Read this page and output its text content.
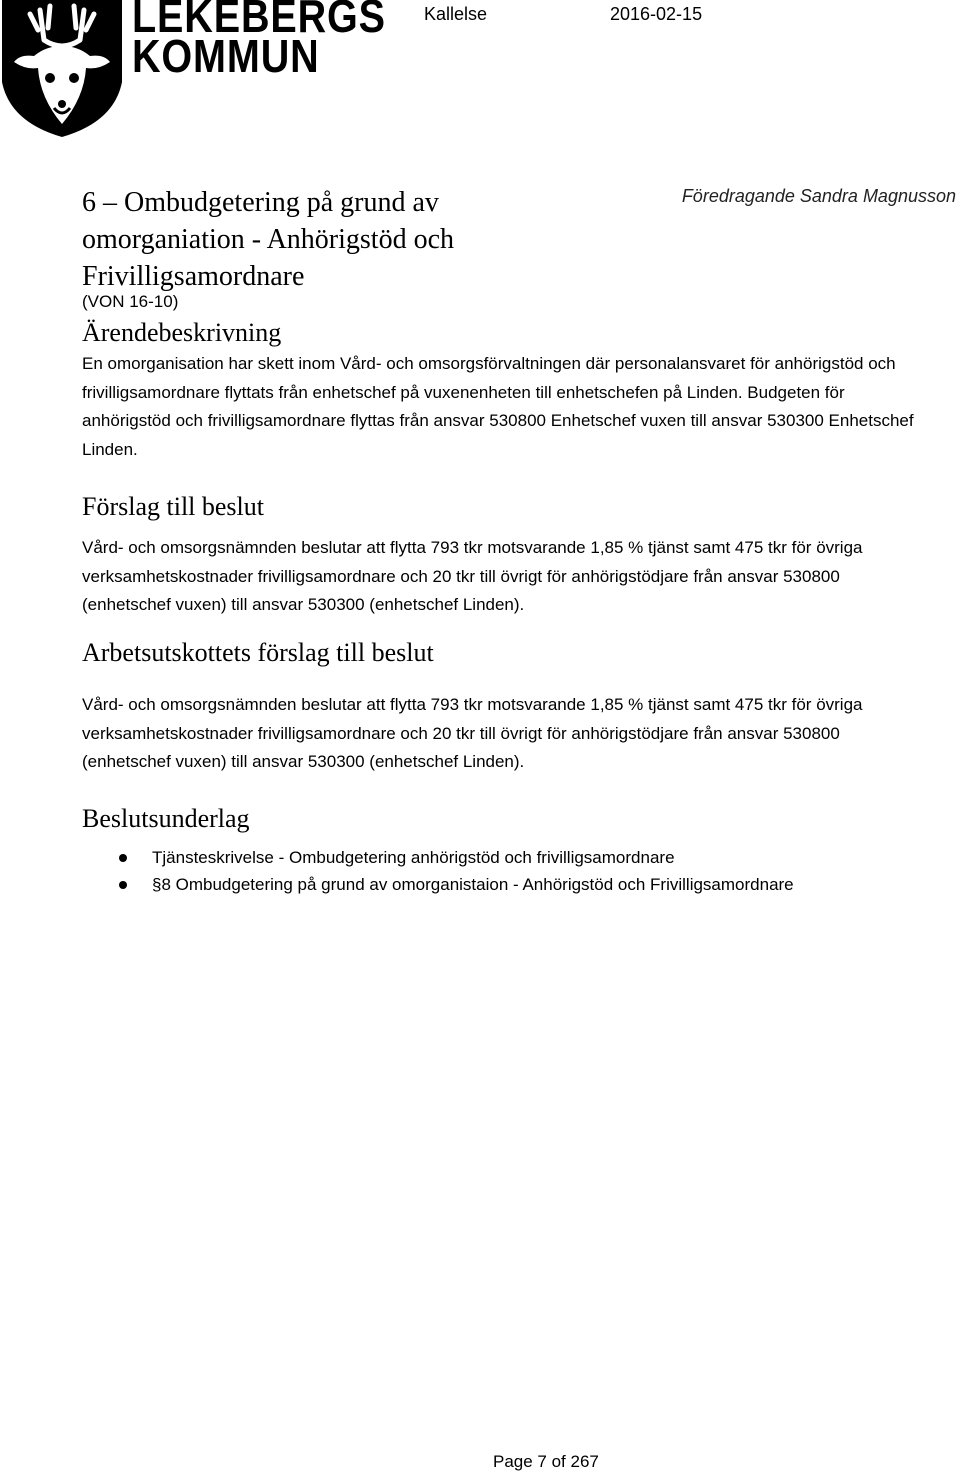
LEKEBERGS
KOMMUN
Kallelse	2016-02-15
6 – Ombudgetering på grund av omorganiation - Anhörigstöd och Frivilligsamordnare
Föredragande Sandra Magnusson
(VON 16-10)
Ärendebeskrivning

En omorganisation har skett inom Vård- och omsorgsförvaltningen där personalansvaret för anhörigstöd och frivilligsamordnare flyttats från enhetschef på vuxenenheten till enhetschefen på Linden. Budgeten för anhörigstöd och frivilligsamordnare flyttas från ansvar 530800 Enhetschef vuxen till ansvar 530300 Enhetschef Linden.

Förslag till beslut

Vård- och omsorgsnämnden beslutar att flytta 793 tkr motsvarande 1,85 % tjänst samt 475 tkr för övriga verksamhetskostnader frivilligsamordnare och 20 tkr till övrigt för anhörigstödjare från ansvar 530800 (enhetschef vuxen) till ansvar 530300 (enhetschef Linden).

Arbetsutskottets förslag till beslut

Vård- och omsorgsnämnden beslutar att flytta 793 tkr motsvarande 1,85 % tjänst samt 475 tkr för övriga verksamhetskostnader frivilligsamordnare och 20 tkr till övrigt för anhörigstödjare från ansvar 530800 (enhetschef vuxen) till ansvar 530300 (enhetschef Linden).

Beslutsunderlag
Tjänsteskrivelse - Ombudgetering anhörigstöd och frivilligsamordnare
§8 Ombudgetering på grund av omorganistaion - Anhörigstöd och Frivilligsamordnare
Page 7 of 267
